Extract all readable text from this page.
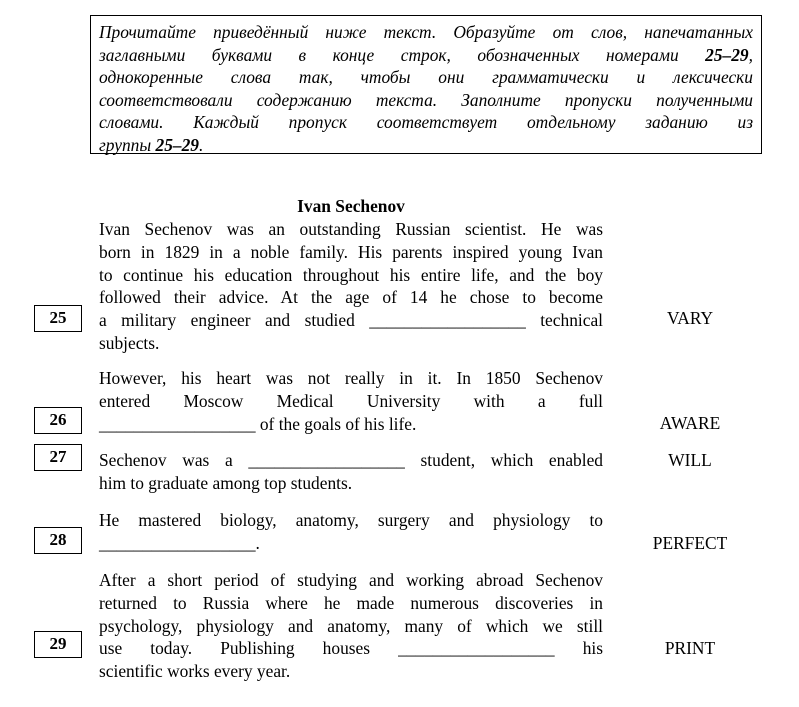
Прочитайте приведённый ниже текст. Образуйте от слов, напечатанных
заглавными буквами в конце строк, обозначенных номерами 25–29,
однокоренные слова так, чтобы они грамматически и лексически
соответствовали содержанию текста. Заполните пропуски полученными
словами. Каждый пропуск соответствует отдельному заданию из
группы 25–29.
Ivan Sechenov
Ivan Sechenov was an outstanding Russian scientist. He was
born in 1829 in a noble family. His parents inspired young Ivan
to continue his education throughout his entire life, and the boy
followed their advice. At the age of 14 he chose to become
a military engineer and studied __________________ technical
subjects.
25	VARY
However, his heart was not really in it. In 1850 Sechenov
entered Moscow Medical University with a full
__________________ of the goals of his life.
26	AWARE
Sechenov was a __________________ student, which enabled
him to graduate among top students.
27	WILL
He mastered biology, anatomy, surgery and physiology to
__________________.
28	PERFECT
After a short period of studying and working abroad Sechenov
returned to Russia where he made numerous discoveries in
psychology, physiology and anatomy, many of which we still
use today. Publishing houses __________________ his
scientific works every year.
29	PRINT
